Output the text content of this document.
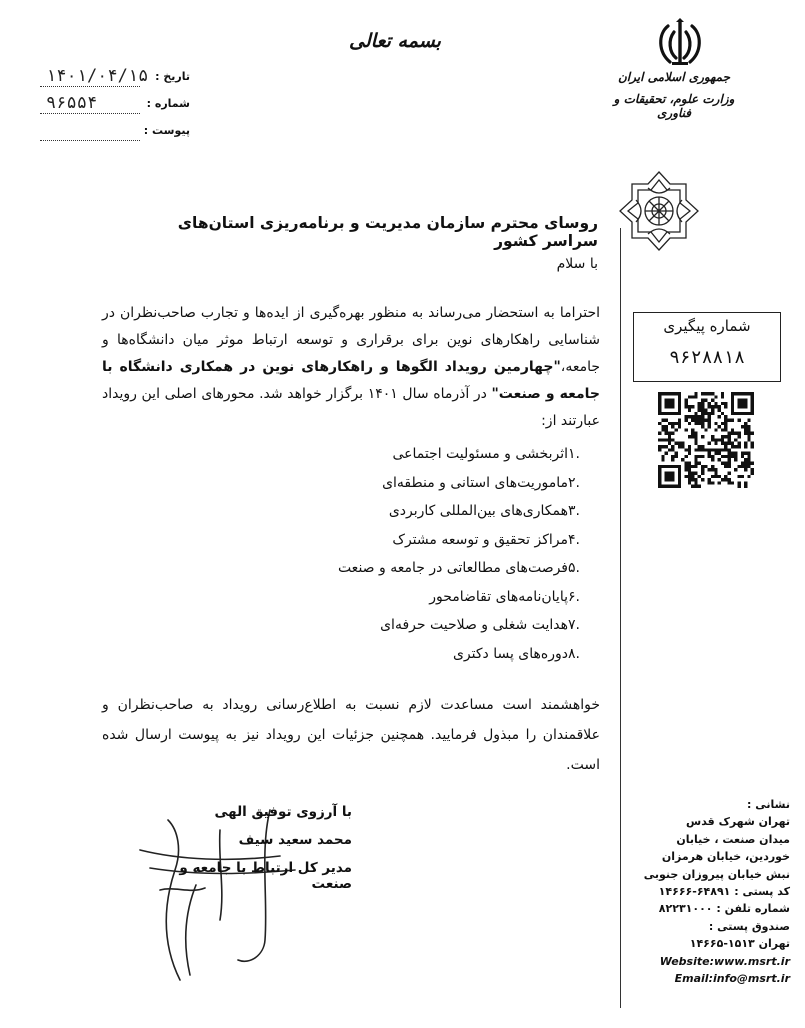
جمهوری اسلامی ایران
وزارت علوم، تحقیقات و فناوری
بسمه تعالی
تاریخ :
۱۴۰۱/۰۴/۱۵
شماره :
۹۶۵۵۴
پیوست :
روسای محترم سازمان مدیریت و برنامه‌ریزی استان‌های سراسر کشور
با سلام
احتراما به استحضار می‌رساند به منظور بهره‌گیری از ایده‌ها و تجارب صاحب‌نظران در شناسایی راهکارهای نوین برای برقراری و توسعه ارتباط موثر میان دانشگاه‌ها و جامعه،"چهارمین رویداد الگوها و راهکارهای نوین در همکاری دانشگاه با جامعه و صنعت" در آذرماه سال ۱۴۰۱ برگزار خواهد شد. محورهای اصلی این رویداد عبارتند از:
۱.
اثربخشی و مسئولیت اجتماعی
۲.
ماموریت‌های استانی و منطقه‌ای
۳.
همکاری‌های بین‌المللی کاربردی
۴.
مراکز تحقیق و توسعه مشترک
۵.
فرصت‌های مطالعاتی در جامعه و صنعت
۶.
پایان‌نامه‌های تقاضامحور
۷.
هدایت شغلی و صلاحیت حرفه‌ای
۸.
دوره‌های پسا دکتری
خواهشمند است مساعدت لازم نسبت به اطلاع‌رسانی رویداد به صاحب‌نظران و علاقمندان را مبذول فرمایید. همچنین جزئیات این رویداد نیز به پیوست ارسال شده است.
با آرزوی توفیق الهی
محمد سعید سیف
مدیر کل ارتباط با جامعه و صنعت
شماره پیگیری
۹۶۲۸۸۱۸
نشانی :
تهران شهرک قدس
میدان صنعت ، خیابان
خوردین، خیابان هرمزان
نبش خیابان پیروزان جنوبی
کد پستی : ۶۴۸۹۱-۱۴۶۶۶
شماره تلفن : ۸۲۲۳۱۰۰۰
صندوق پستی :
تهران ۱۵۱۳-۱۴۶۶۵
Website:www.msrt.ir
Email:info@msrt.ir
